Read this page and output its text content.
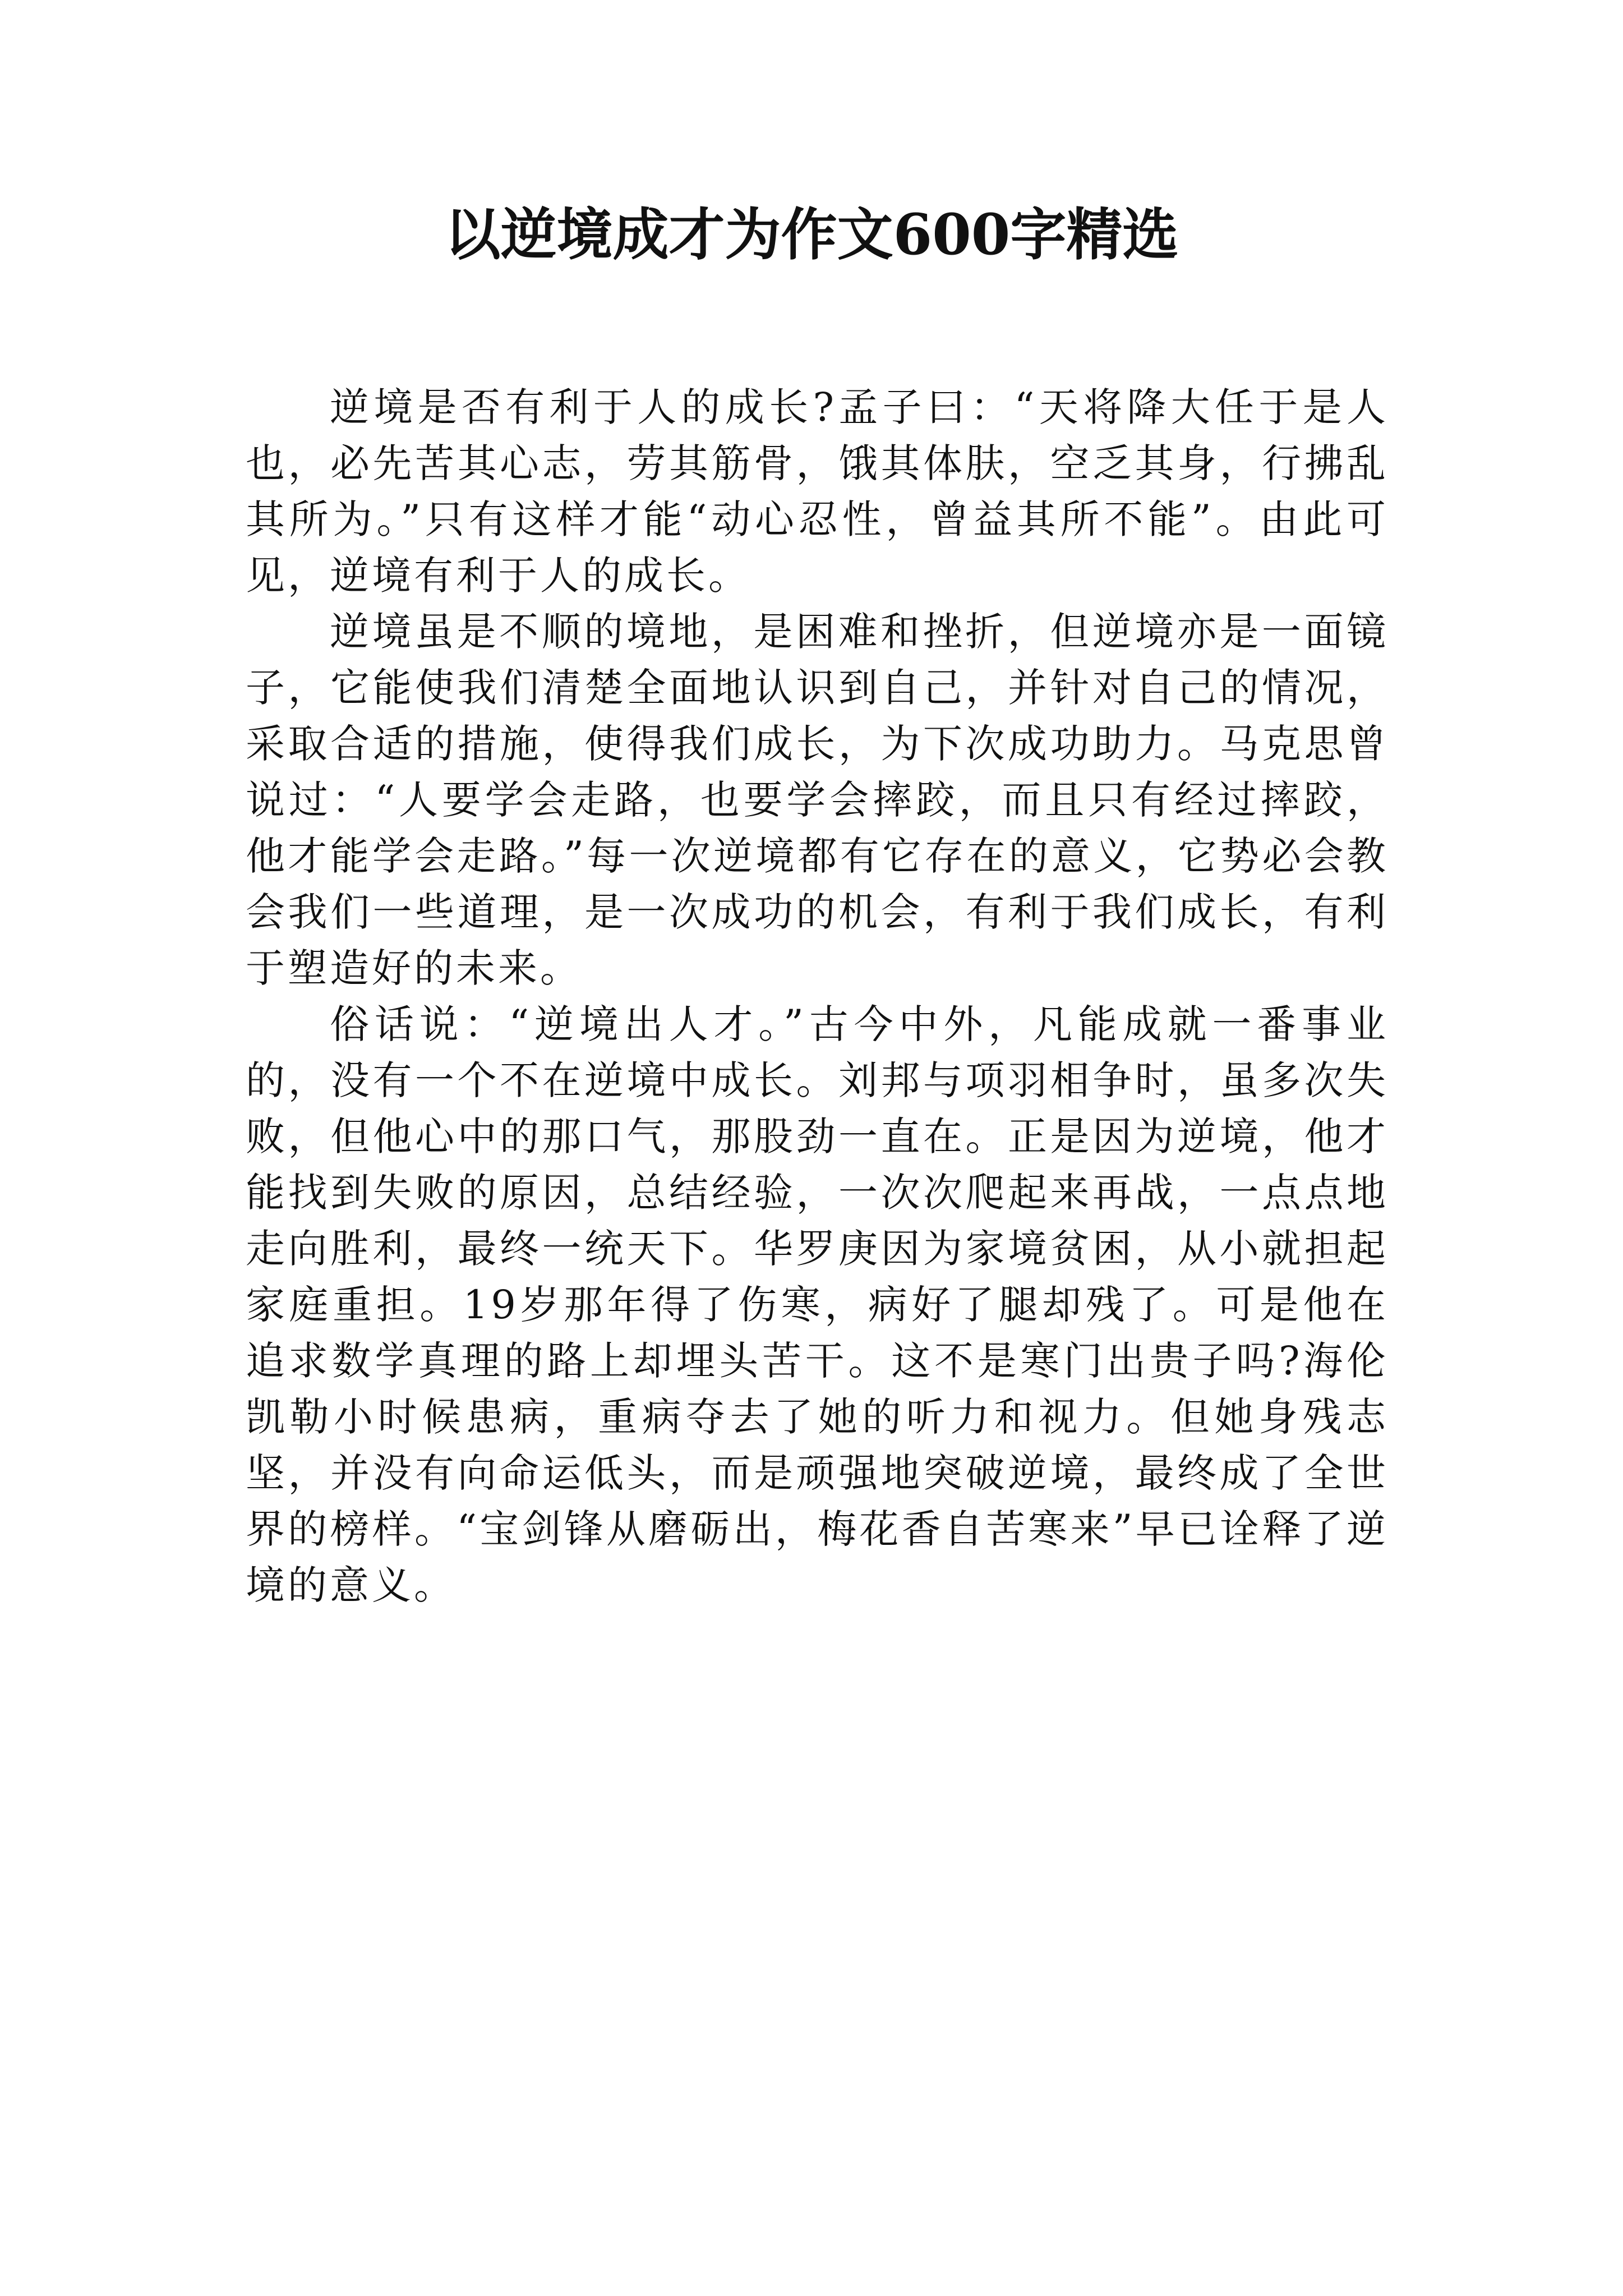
以逆境成才为作文600字精选

逆境是否有利于人的成长?孟子曰：“天将降大任于是人也，必先苦其心志，劳其筋骨，饿其体肤，空乏其身，行拂乱其所为。”只有这样才能“动心忍性，曾益其所不能”。由此可见，逆境有利于人的成长。

逆境虽是不顺的境地，是困难和挫折，但逆境亦是一面镜子，它能使我们清楚全面地认识到自己，并针对自己的情况，采取合适的措施，使得我们成长，为下次成功助力。马克思曾说过：“人要学会走路，也要学会摔跤，而且只有经过摔跤，他才能学会走路。”每一次逆境都有它存在的意义，它势必会教会我们一些道理，是一次成功的机会，有利于我们成长，有利于塑造好的未来。

俗话说：“逆境出人才。”古今中外，凡能成就一番事业的，没有一个不在逆境中成长。刘邦与项羽相争时，虽多次失败，但他心中的那口气，那股劲一直在。正是因为逆境，他才能找到失败的原因，总结经验，一次次爬起来再战，一点点地走向胜利，最终一统天下。华罗庚因为家境贫困，从小就担起家庭重担。19岁那年得了伤寒，病好了腿却残了。可是他在追求数学真理的路上却埋头苦干。这不是寒门出贵子吗?海伦凯勒小时候患病，重病夺去了她的听力和视力。但她身残志坚，并没有向命运低头，而是顽强地突破逆境，最终成了全世界的榜样。“宝剑锋从磨砺出，梅花香自苦寒来”早已诠释了逆境的意义。
